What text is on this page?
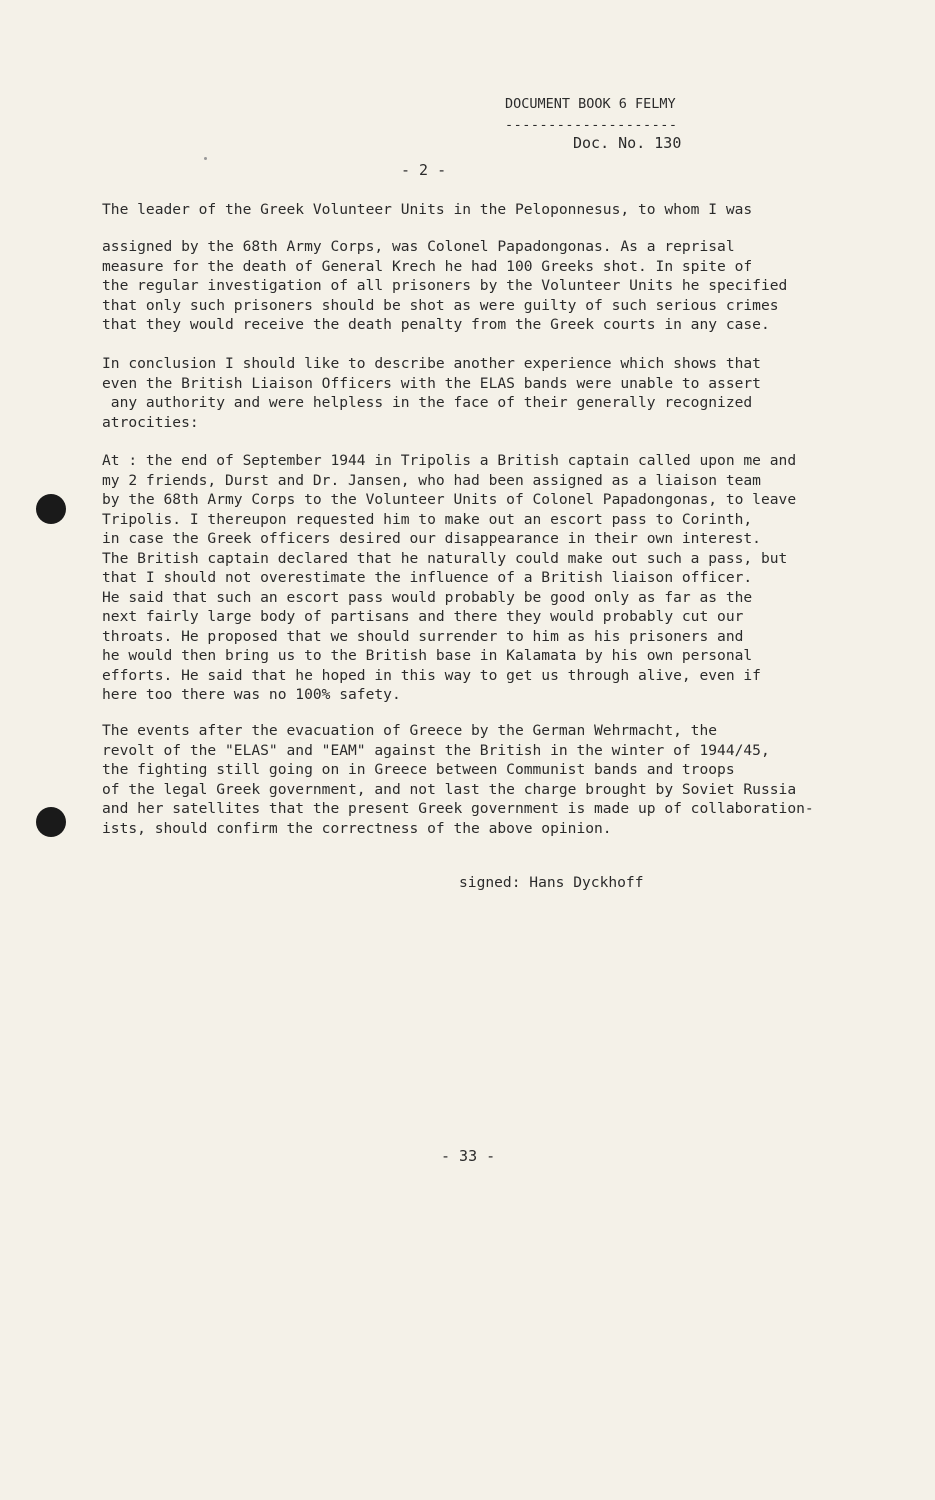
DOCUMENT BOOK 6 FELMY
--------------------
Doc. No. 130
- 2 -
The leader of the Greek Volunteer Units in the Peloponnesus, to whom I was
assigned by the 68th Army Corps, was Colonel Papadongonas. As a reprisal
measure for the death of General Krech he had 100 Greeks shot. In spite of
the regular investigation of all prisoners by the Volunteer Units he specified
that only such prisoners should be shot as were guilty of such serious crimes
that they would receive the death penalty from the Greek courts in any case.
In conclusion I should like to describe another experience which shows that
even the British Liaison Officers with the ELAS bands were unable to assert
any authority and were helpless in the face of their generally recognized
atrocities:
At : the end of September 1944 in Tripolis a British captain called upon me and
my 2 friends, Durst and Dr. Jansen, who had been assigned as a liaison team
by the 68th Army Corps to the Volunteer Units of Colonel Papadongonas, to leave
Tripolis. I thereupon requested him to make out an escort pass to Corinth,
in case the Greek officers desired our disappearance in their own interest.
The British captain declared that he naturally could make out such a pass, but
that I should not overestimate the influence of a British liaison officer.
He said that such an escort pass would probably be good only as far as the
next fairly large body of partisans and there they would probably cut our
throats. He proposed that we should surrender to him as his prisoners and
he would then bring us to the British base in Kalamata by his own personal
efforts. He said that he hoped in this way to get us through alive, even if
here too there was no 100% safety.
The events after the evacuation of Greece by the German Wehrmacht, the
revolt of the "ELAS" and "EAM" against the British in the winter of 1944/45,
the fighting still going on in Greece between Communist bands and troops
of the legal Greek government, and not last the charge brought by Soviet Russia
and her satellites that the present Greek government is made up of collaboration-
ists, should confirm the correctness of the above opinion.
signed: Hans Dyckhoff
- 33 -
